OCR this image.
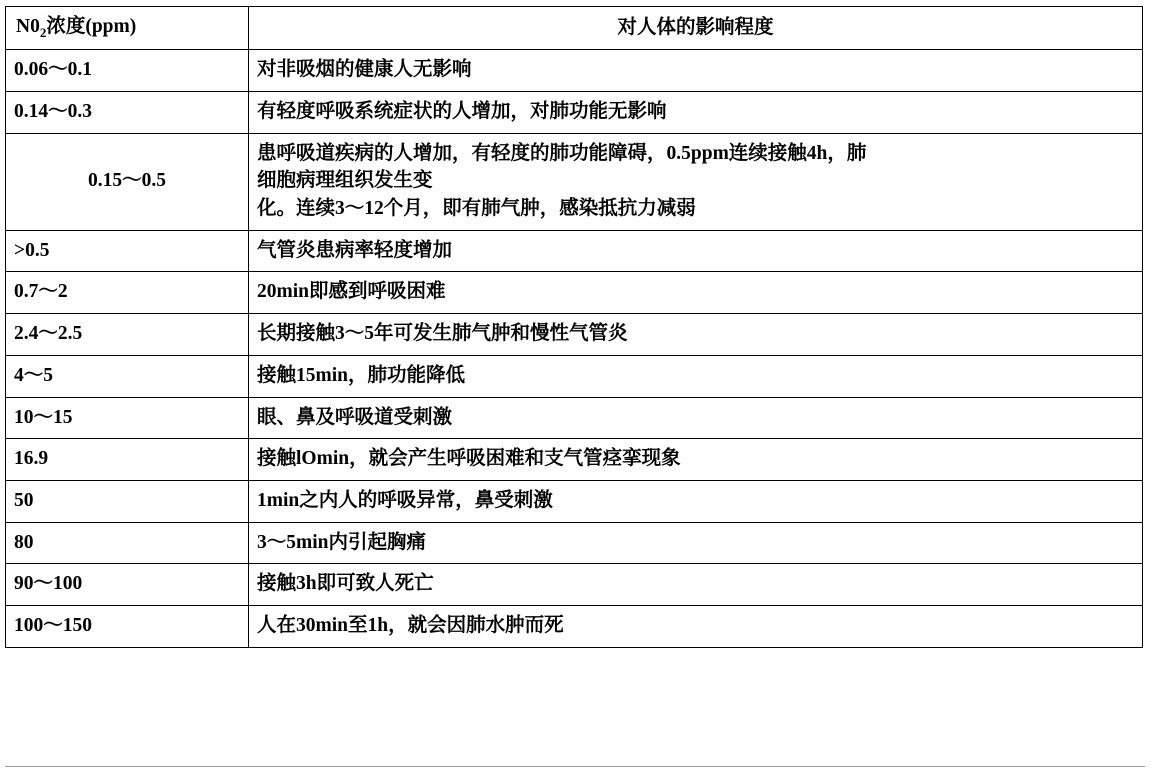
$N0_2$浓度(ppm)	对人体的影响程度
0.06～0.1	对非吸烟的健康人无影响
0.14～0.3	有轻度呼吸系统症状的人增加，对肺功能无影响
0.15～0.5	患呼吸道疾病的人增加，有轻度的肺功能障碍，0.5ppm连续接触4h，肺
细胞病理组织发生变
化。连续3～12个月，即有肺气肿，感染抵抗力减弱

>0.5	气管炎患病率轻度增加
0.7～2	20min即感到呼吸困难
2.4～2.5	长期接触3～5年可发生肺气肿和慢性气管炎
4～5	接触15min，肺功能降低
10～15	眼、鼻及呼吸道受刺激
16.9	接触lOmin，就会产生呼吸困难和支气管痉挛现象
50	1min之内人的呼吸异常，鼻受刺激
80	3～5min内引起胸痛
90～100	接触3h即可致人死亡
100～150	人在30min至1h，就会因肺水肿而死
